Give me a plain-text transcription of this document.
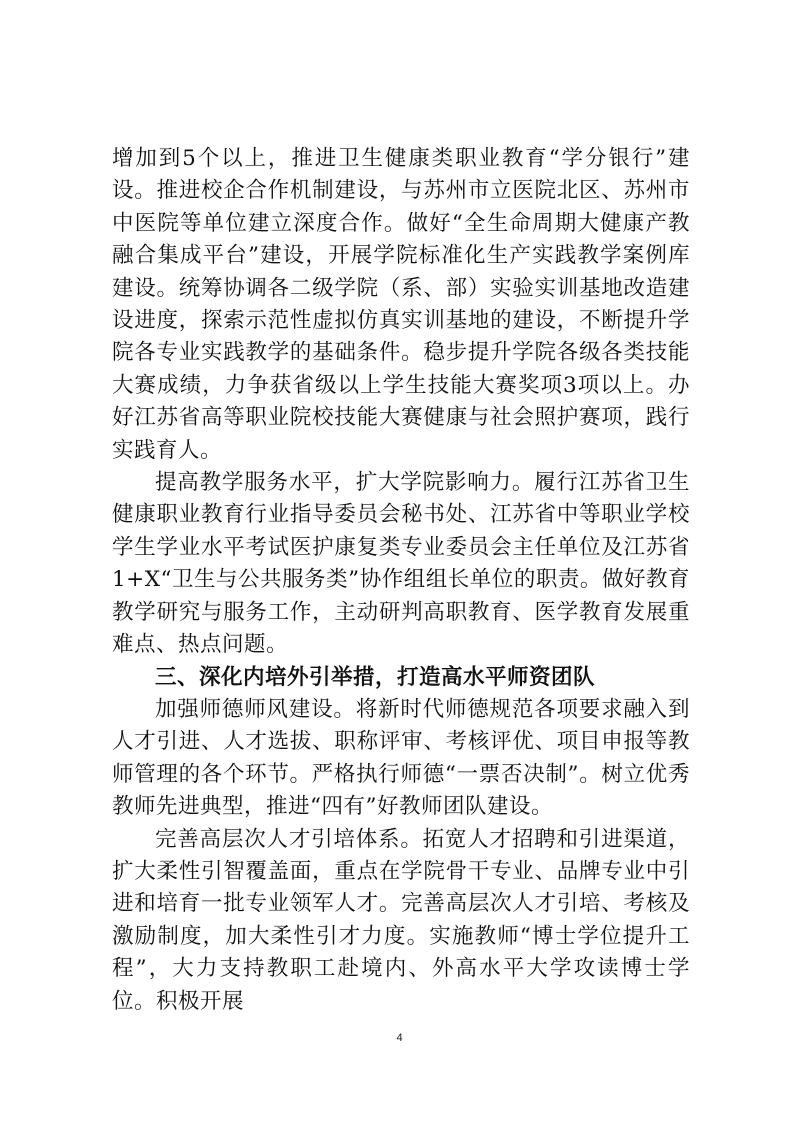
增加到5个以上，推进卫生健康类职业教育“学分银行”建设。推进校企合作机制建设，与苏州市立医院北区、苏州市中医院等单位建立深度合作。做好“全生命周期大健康产教融合集成平台”建设，开展学院标准化生产实践教学案例库建设。统筹协调各二级学院（系、部）实验实训基地改造建设进度，探索示范性虚拟仿真实训基地的建设，不断提升学院各专业实践教学的基础条件。稳步提升学院各级各类技能大赛成绩，力争获省级以上学生技能大赛奖项3项以上。办好江苏省高等职业院校技能大赛健康与社会照护赛项，践行实践育人。

提高教学服务水平，扩大学院影响力。履行江苏省卫生健康职业教育行业指导委员会秘书处、江苏省中等职业学校学生学业水平考试医护康复类专业委员会主任单位及江苏省 1+X“卫生与公共服务类”协作组组长单位的职责。做好教育教学研究与服务工作，主动研判高职教育、医学教育发展重难点、热点问题。

三、深化内培外引举措，打造高水平师资团队

加强师德师风建设。将新时代师德规范各项要求融入到人才引进、人才选拔、职称评审、考核评优、项目申报等教师管理的各个环节。严格执行师德“一票否决制”。树立优秀教师先进典型，推进“四有”好教师团队建设。

完善高层次人才引培体系。拓宽人才招聘和引进渠道，扩大柔性引智覆盖面，重点在学院骨干专业、品牌专业中引进和培育一批专业领军人才。完善高层次人才引培、考核及激励制度，加大柔性引才力度。实施教师“博士学位提升工程”，大力支持教职工赴境内、外高水平大学攻读博士学位。积极开展

4
